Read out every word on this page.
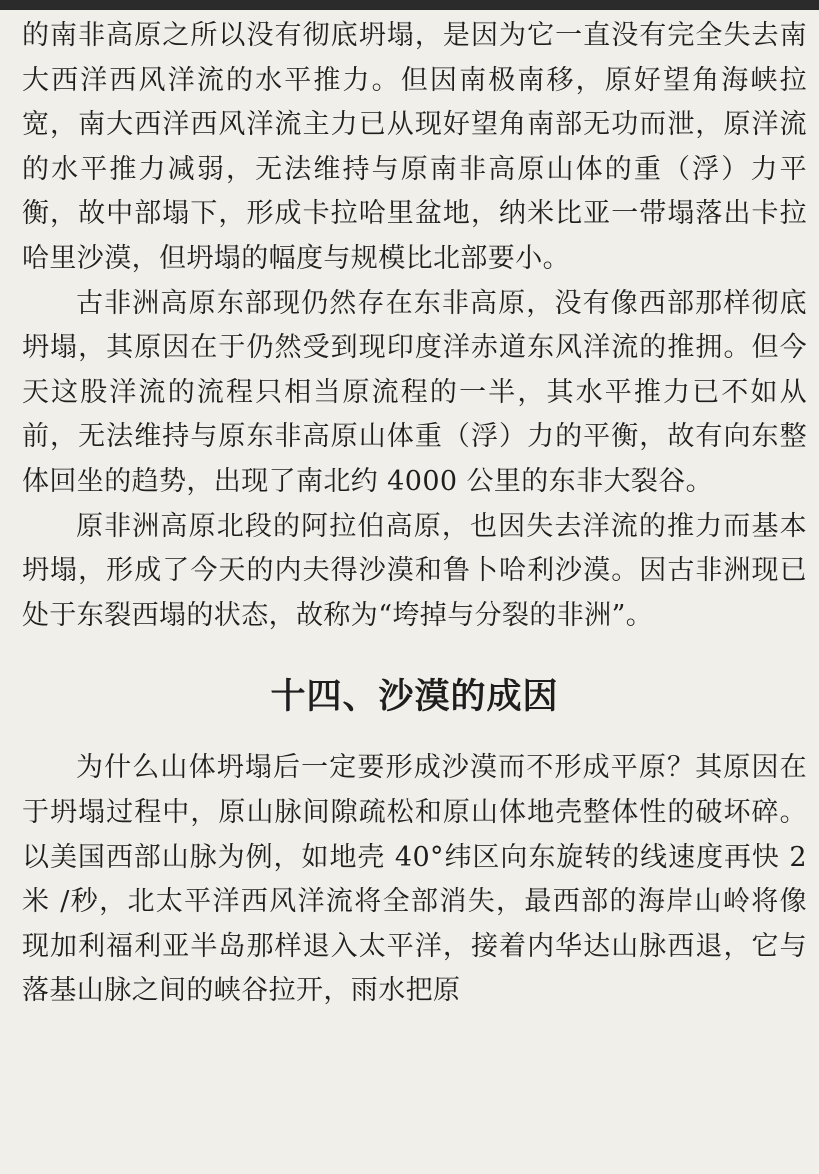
的南非高原之所以没有彻底坍塌，是因为它一直没有完全失去南大西洋西风洋流的水平推力。但因南极南移，原好望角海峡拉宽，南大西洋西风洋流主力已从现好望角南部无功而泄，原洋流的水平推力减弱，无法维持与原南非高原山体的重（浮）力平衡，故中部塌下，形成卡拉哈里盆地，纳米比亚一带塌落出卡拉哈里沙漠，但坍塌的幅度与规模比北部要小。

古非洲高原东部现仍然存在东非高原，没有像西部那样彻底坍塌，其原因在于仍然受到现印度洋赤道东风洋流的推拥。但今天这股洋流的流程只相当原流程的一半，其水平推力已不如从前，无法维持与原东非高原山体重（浮）力的平衡，故有向东整体回坐的趋势，出现了南北约 4000 公里的东非大裂谷。

原非洲高原北段的阿拉伯高原，也因失去洋流的推力而基本坍塌，形成了今天的内夫得沙漠和鲁卜哈利沙漠。因古非洲现已处于东裂西塌的状态，故称为“垮掉与分裂的非洲”。

十四、沙漠的成因

为什么山体坍塌后一定要形成沙漠而不形成平原？其原因在于坍塌过程中，原山脉间隙疏松和原山体地壳整体性的破坏碎。以美国西部山脉为例，如地壳 40°纬区向东旋转的线速度再快 2 米 /秒，北太平洋西风洋流将全部消失，最西部的海岸山岭将像现加利福利亚半岛那样退入太平洋，接着内华达山脉西退，它与落基山脉之间的峡谷拉开，雨水把原
